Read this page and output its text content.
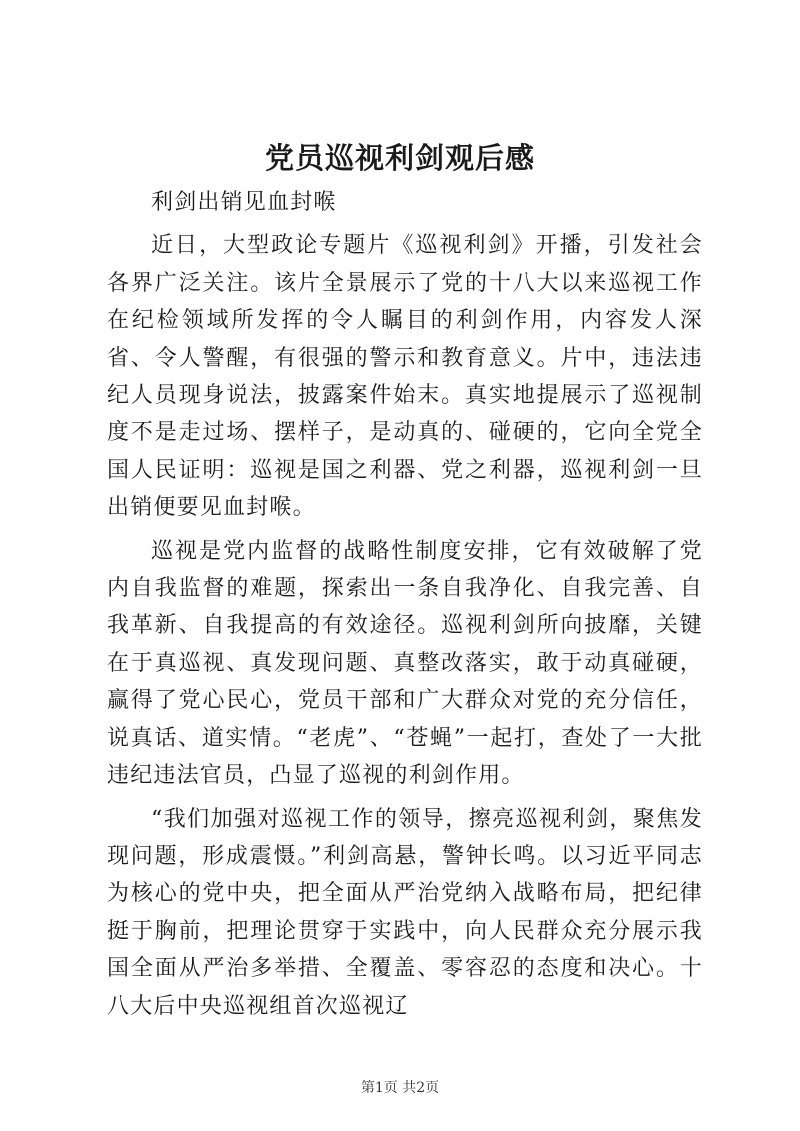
党员巡视利剑观后感

利剑出销见血封喉

近日，大型政论专题片《巡视利剑》开播，引发社会各界广泛关注。该片全景展示了党的十八大以来巡视工作在纪检领域所发挥的令人瞩目的利剑作用，内容发人深省、令人警醒，有很强的警示和教育意义。片中，违法违纪人员现身说法，披露案件始末。真实地提展示了巡视制度不是走过场、摆样子，是动真的、碰硬的，它向全党全国人民证明：巡视是国之利器、党之利器，巡视利剑一旦出销便要见血封喉。

巡视是党内监督的战略性制度安排，它有效破解了党内自我监督的难题，探索出一条自我净化、自我完善、自我革新、自我提高的有效途径。巡视利剑所向披靡，关键在于真巡视、真发现问题、真整改落实，敢于动真碰硬，赢得了党心民心，党员干部和广大群众对党的充分信任，说真话、道实情。“老虎”、“苍蝇”一起打，查处了一大批违纪违法官员，凸显了巡视的利剑作用。

“我们加强对巡视工作的领导，擦亮巡视利剑，聚焦发现问题，形成震慑。”利剑高悬，警钟长鸣。以习近平同志为核心的党中央，把全面从严治党纳入战略布局，把纪律挺于胸前，把理论贯穿于实践中，向人民群众充分展示我国全面从严治多举措、全覆盖、零容忍的态度和决心。十八大后中央巡视组首次巡视辽

第1页 共2页
